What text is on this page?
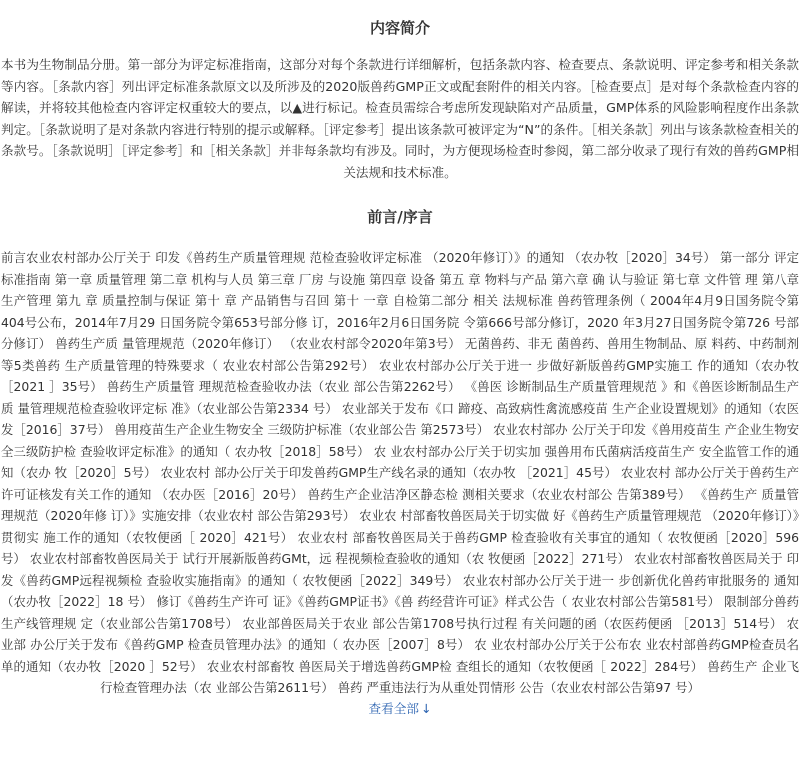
内容简介

本书为生物制品分册。第一部分为评定标准指南，这部分对每个条款进行详细解析，包括条款内容、检查要点、条款说明、评定参考和相关条款等内容。［条款内容］列出评定标准条款原文以及所涉及的2020版兽药GMP正文或配套附件的相关内容。［检查要点］是对每个条款检查内容的解读，并将较其他检查内容评定权重较大的要点，以▲进行标记。检查员需综合考虑所发现缺陷对产品质量，GMP体系的风险影响程度作出条款判定。［条款说明了是对条款内容进行特别的提示或解释。［评定参考］提出该条款可被评定为“N”的条件。［相关条款］列出与该条款检查相关的条款号。［条款说明］［评定参考］和［相关条款］并非每条款均有涉及。同时，为方便现场检查时参阅，第二部分收录了现行有效的兽药GMP相关法规和技术标准。

前言/序言

前言农业农村部办公厅关于 印发《兽药生产质量管理规 范检查验收评定标准 （2020年修订）》的通知 （农办牧［2020］34号） 第一部分 评定标准指南 第一章 质量管理 第二章 机构与人员 第三章 厂房 与设施 第四章 设备 第五 章 物料与产品 第六章 确 认与验证 第七章 文件管 理 第八章 生产管理 第九 章 质量控制与保证 第十 章 产品销售与召回 第十 一章 自检第二部分 相关 法规标准 兽药管理条例（ 2004年4月9日国务院令第 404号公布，2014年7月29 日国务院令第653号部分修 订，2016年2月6日国务院 令第666号部分修订，2020 年3月27日国务院令第726 号部分修订） 兽药生产质 量管理规范（2020年修订） （农业农村部令2020年第3号） 无菌兽药、非无 菌兽药、兽用生物制品、原 料药、中药制剂等5类兽药 生产质量管理的特殊要求（ 农业农村部公告第292号） 农业农村部办公厅关于进一 步做好新版兽药GMP实施工 作的通知（农办牧［2021 ］35号） 兽药生产质量管 理规范检查验收办法（农业 部公告第2262号） 《兽医 诊断制品生产质量管理规范 》和《兽医诊断制品生产质 量管理规范检查验收评定标 准》（农业部公告第2334 号） 农业部关于发布《口 蹄疫、高致病性禽流感疫苗 生产企业设置规划》的通知（农医发［2016］37号） 兽用疫苗生产企业生物安全 三级防护标准（农业部公告 第2573号） 农业农村部办 公厅关于印发《兽用疫苗生 产企业生物安全三级防护检 查验收评定标准》的通知（ 农办牧［2018］58号） 农 业农村部办公厅关于切实加 强兽用布氏菌病活疫苗生产 安全监管工作的通知（农办 牧［2020］5号） 农业农村 部办公厅关于印发兽药GMP生产线名录的通知（农办牧 ［2021］45号） 农业农村 部办公厅关于兽药生产 许可证核发有关工作的通知 （农办医［2016］20号） 兽药生产企业洁净区静态检 测相关要求（农业农村部公 告第389号） 《兽药生产 质量管理规范（2020年修 订）》实施安排（农业农村 部公告第293号） 农业农 村部畜牧兽医局关于切实做 好《兽药生产质量管理规范 （2020年修订）》贯彻实 施工作的通知（农牧便函［ 2020］421号） 农业农村 部畜牧兽医局关于兽药GMP 检查验收有关事宜的通知（ 农牧便函［2020］596号） 农业农村部畜牧兽医局关于 试行开展新版兽药GMt，远 程视频检查验收的通知（农 牧便函［2022］271号） 农业农村部畜牧兽医局关于 印发《兽药GMP远程视频检 查验收实施指南》的通知（ 农牧便函［2022］349号） 农业农村部办公厅关于进一 步创新优化兽药审批服务的 通知（农办牧［2022］18 号） 修订《兽药生产许可 证》《兽药GMP证书》《兽 药经营许可证》样式公告（ 农业农村部公告第581号） 限制部分兽药生产线管理规 定（农业部公告第1708号） 农业部兽医局关于农业 部公告第1708号执行过程 有关问题的函（农医药便函 ［2013］514号） 农业部 办公厅关于发布《兽药GMP 检查员管理办法》的通知（ 农办医［2007］8号） 农 业农村部办公厅关于公布农 业农村部兽药GMP检查员名 单的通知（农办牧［2020 ］52号） 农业农村部畜牧 兽医局关于增选兽药GMP检 查组长的通知（农牧便函［ 2022］284号） 兽药生产 企业飞行检查管理办法（农 业部公告第2611号） 兽药 严重违法行为从重处罚情形 公告（农业农村部公告第97 号）

查看全部 ↓
